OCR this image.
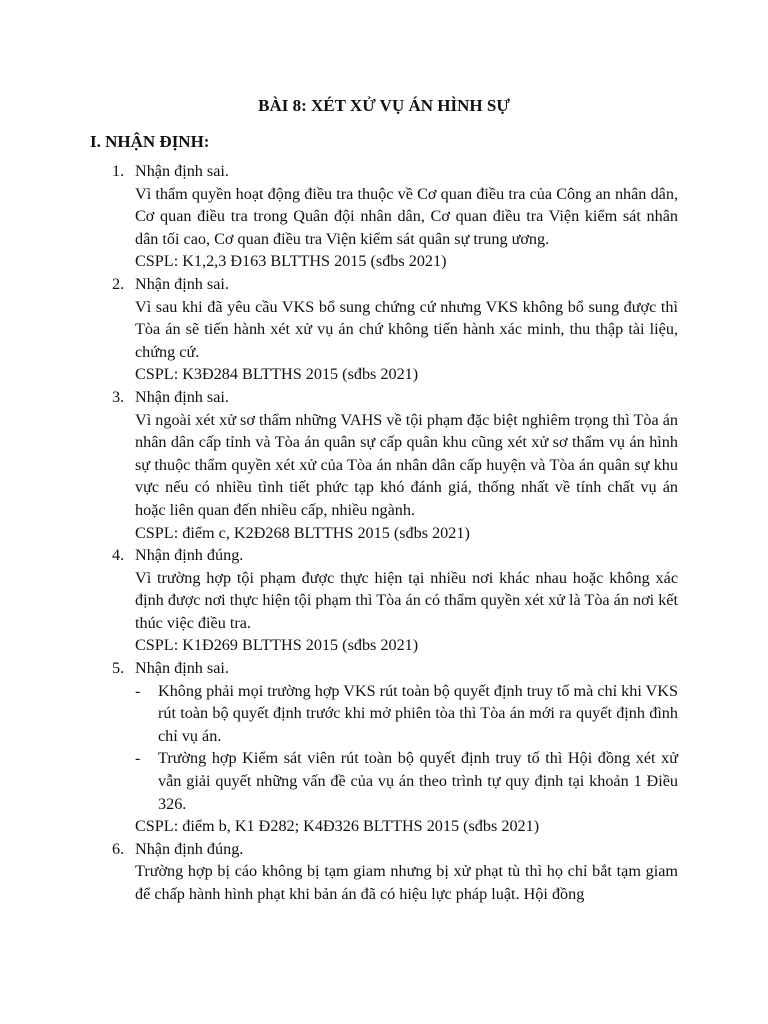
BÀI 8: XÉT XỬ VỤ ÁN HÌNH SỰ
I. NHẬN ĐỊNH:
1. Nhận định sai.

Vì thẩm quyền hoạt động điều tra thuộc về Cơ quan điều tra của Công an nhân dân, Cơ quan điều tra trong Quân đội nhân dân, Cơ quan điều tra Viện kiểm sát nhân dân tối cao, Cơ quan điều tra Viện kiểm sát quân sự trung ương.

CSPL: K1,2,3 Đ163 BLTTHS 2015 (sđbs 2021)

2. Nhận định sai.

Vì sau khi đã yêu cầu VKS bổ sung chứng cứ nhưng VKS không bổ sung được thì Tòa án sẽ tiến hành xét xử vụ án chứ không tiến hành xác minh, thu thập tài liệu, chứng cứ.

CSPL: K3Đ284 BLTTHS 2015 (sđbs 2021)

3. Nhận định sai.

Vì ngoài xét xử sơ thẩm những VAHS về tội phạm đặc biệt nghiêm trọng thì Tòa án nhân dân cấp tỉnh và Tòa án quân sự cấp quân khu cũng xét xử sơ thẩm vụ án hình sự thuộc thẩm quyền xét xử của Tòa án nhân dân cấp huyện và Tòa án quân sự khu vực nếu có nhiều tình tiết phức tạp khó đánh giá, thống nhất về tính chất vụ án hoặc liên quan đến nhiều cấp, nhiều ngành.

CSPL: điểm c, K2Đ268 BLTTHS 2015 (sđbs 2021)

4. Nhận định đúng.

Vì trường hợp tội phạm được thực hiện tại nhiều nơi khác nhau hoặc không xác định được nơi thực hiện tội phạm thì Tòa án có thẩm quyền xét xử là Tòa án nơi kết thúc việc điều tra.

CSPL: K1Đ269 BLTTHS 2015 (sđbs 2021)

5. Nhận định sai.

- Không phải mọi trường hợp VKS rút toàn bộ quyết định truy tố mà chỉ khi VKS rút toàn bộ quyết định trước khi mở phiên tòa thì Tòa án mới ra quyết định đình chỉ vụ án.
- Trường hợp Kiểm sát viên rút toàn bộ quyết định truy tố thì Hội đồng xét xử vẫn giải quyết những vấn đề của vụ án theo trình tự quy định tại khoản 1 Điều 326.

CSPL: điểm b, K1 Đ282; K4Đ326 BLTTHS 2015 (sđbs 2021)

6. Nhận định đúng.

Trường hợp bị cáo không bị tạm giam nhưng bị xử phạt tù thì họ chỉ bắt tạm giam để chấp hành hình phạt khi bản án đã có hiệu lực pháp luật. Hội đồng
